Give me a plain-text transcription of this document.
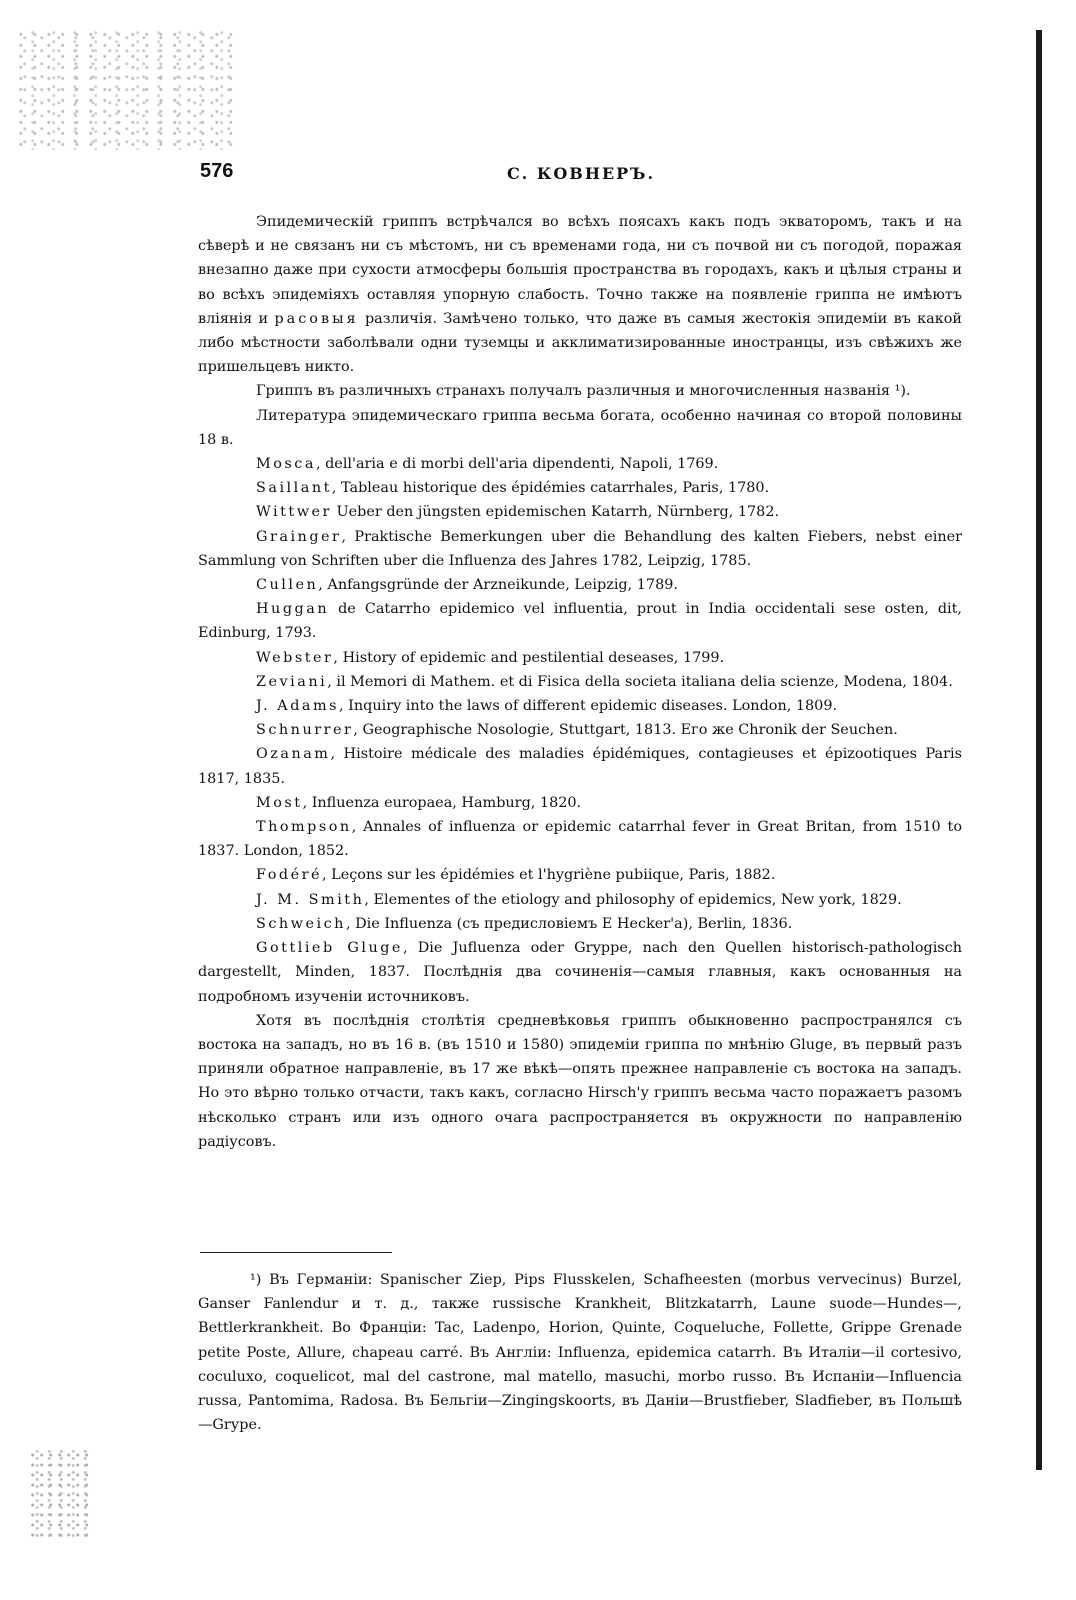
576	С. КОВНЕРЪ.

Эпидемическiй гриппъ встрѣчался во всѣхъ поясахъ какъ подъ экваторомъ, такъ и на сѣверѣ и не связанъ ни съ мѣстомъ, ни съ временами года, ни съ почвой ни съ погодой, поражая внезапно даже при сухости атмосферы большiя пространства въ городахъ, какъ и цѣлыя страны и во всѣхъ эпидемiяхъ оставляя упорную слабость. Точно также на появленiе гриппа не имѣютъ влiянiя и расовыя различiя. Замѣчено только, что даже въ самыя жестокiя эпидемiи въ какой либо мѣстности заболѣвали одни туземцы и акклиматизированные иностранцы, изъ свѣжихъ же пришельцевъ никто.

Гриппъ въ различныхъ странахъ получалъ различныя и многочисленныя названiя ¹).

Литература эпидемическаго гриппа весьма богата, особенно начиная со второй половины 18 в.

Mosca, dell'aria e di morbi dell'aria dipendenti, Napoli, 1769.

Saillant, Tableau historique des épidémies catarrhales, Paris, 1780.

Wittwer Ueber den jüngsten epidemischen Katarrh, Nürnberg, 1782.

Grainger, Praktische Bemerkungen uber die Behandlung des kalten Fiebers, nebst einer Sammlung von Schriften uber die Influenza des Jahres 1782, Leipzig, 1785.

Cullen, Anfangsgründe der Arzneikunde, Leipzig, 1789.

Huggan de Catarrho epidemico vel influentia, prout in India occidentali sese osten, dit, Edinburg, 1793.

Webster, History of epidemic and pestilential deseases, 1799.

Zeviani, il Memori di Mathem. et di Fisica della societa italiana delia scienze, Modena, 1804.

J. Adams, Inquiry into the laws of different epidemic diseases. London, 1809.

Schnurrer, Geographische Nosologie, Stuttgart, 1813. Его же Chronik der Seuchen.

Ozanam, Histoire médicale des maladies épidémiques, contagieuses et épizootiques Paris 1817, 1835.

Most, Influenza europaea, Hamburg, 1820.

Thompson, Annales of influenza or epidemic catarrhal fever in Great Britan, from 1510 to 1837. London, 1852.

Fodéré, Leçons sur les épidémies et l'hygriène pubiique, Paris, 1882.

J. M. Smith, Elementes of the etiology and philosophy of epidemics, New york, 1829.

Schweich, Die Influenza (съ предисловiемъ E Hecker'а), Berlin, 1836.

Gottlieb Gluge, Die Jufluenza oder Grуppe, nach den Quellen historisch-pathologisch dargestellt, Minden, 1837. Послѣднiя два сочиненiя—самыя главныя, какъ основанныя на подробномъ изученiи источниковъ.

Хотя въ послѣднiя столѣтiя средневѣковья гриппъ обыкновенно распространялся съ востока на западъ, но въ 16 в. (въ 1510 и 1580) эпидемiи гриппа по мнѣнiю Gluge, въ первый разъ приняли обратное направленiе, въ 17 же вѣкѣ—опять прежнее направленiе съ востока на западъ. Но это вѣрно только отчасти, такъ какъ, согласно Hirsch'у гриппъ весьма часто поражаетъ разомъ нѣсколько странъ или изъ одного очага распространяется въ окружности по направленiю радiусовъ.

¹) Въ Германiи: Spanischer Ziep, Pips Flusskelen, Schafheesten (morbus vervecinus) Burzel, Ganser Fanlendur и т. д., также russische Krankheit, Blitzkatarrh, Laune suode—Hundes—, Bettlerkrankheit. Во Францiи: Tac, Ladenpo, Horion, Quinte, Coqueluche, Follette, Grippe Grenade petite Poste, Allure, chapeau carré. Въ Англiи: Influenza, epidemica catarrh. Въ Италiи—il cortesivo, coculuxo, coquelicot, mal del castrone, mal matello, masuchi, morbo russo. Въ Испанiи—Influencia russa, Pantomima, Radosa. Въ Бельгiи—Zingingskoorts, въ Данiи—Brustfieber, Sladfieber, въ Польшѣ—Grуpe.
